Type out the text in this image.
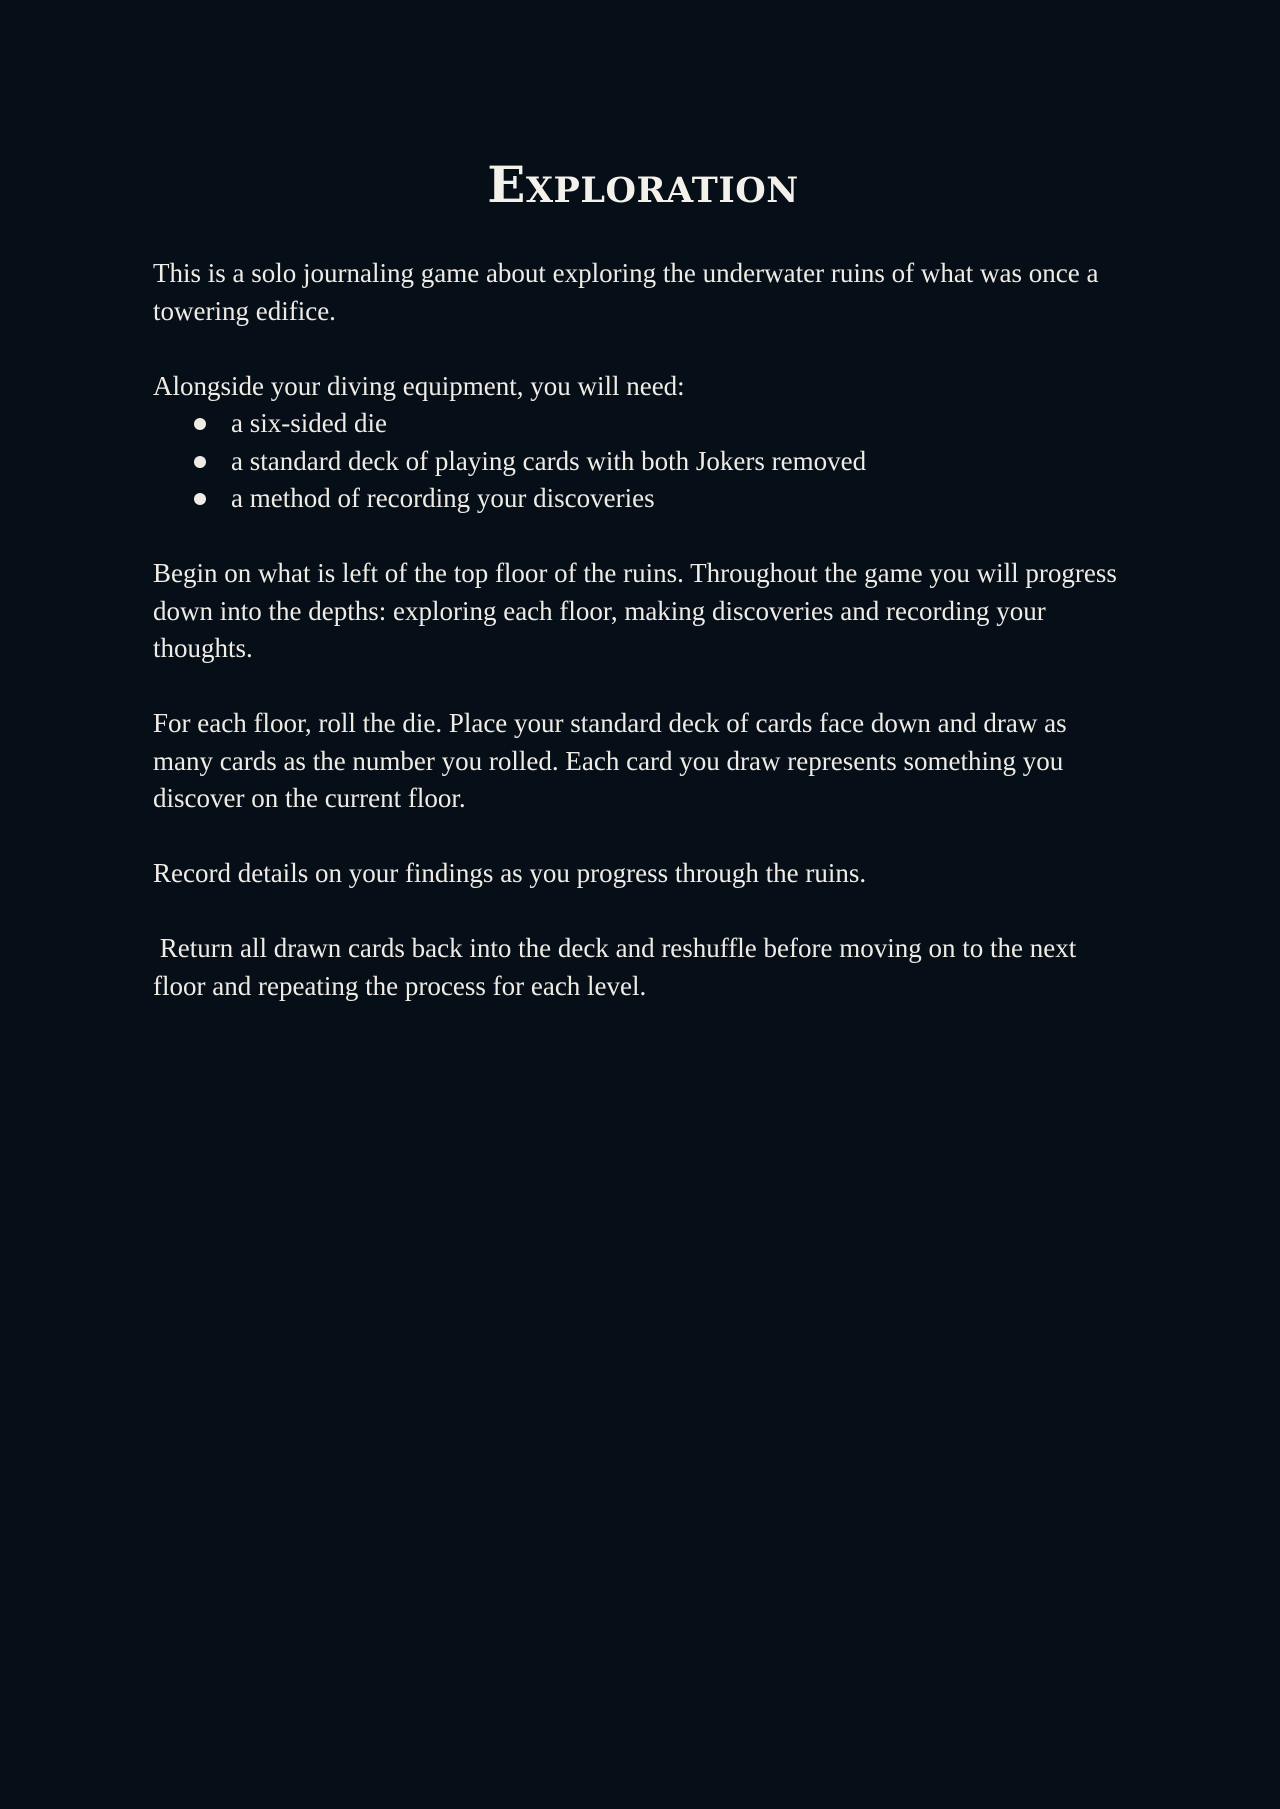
Exploration

This is a solo journaling game about exploring the underwater ruins of what was once a towering edifice.

Alongside your diving equipment, you will need:

a six-sided die
a standard deck of playing cards with both Jokers removed
a method of recording your discoveries

Begin on what is left of the top floor of the ruins. Throughout the game you will progress down into the depths: exploring each floor, making discoveries and recording your thoughts.

For each floor, roll the die. Place your standard deck of cards face down and draw as many cards as the number you rolled. Each card you draw represents something you discover on the current floor.

Record details on your findings as you progress through the ruins.

Return all drawn cards back into the deck and reshuffle before moving on to the next floor and repeating the process for each level.
